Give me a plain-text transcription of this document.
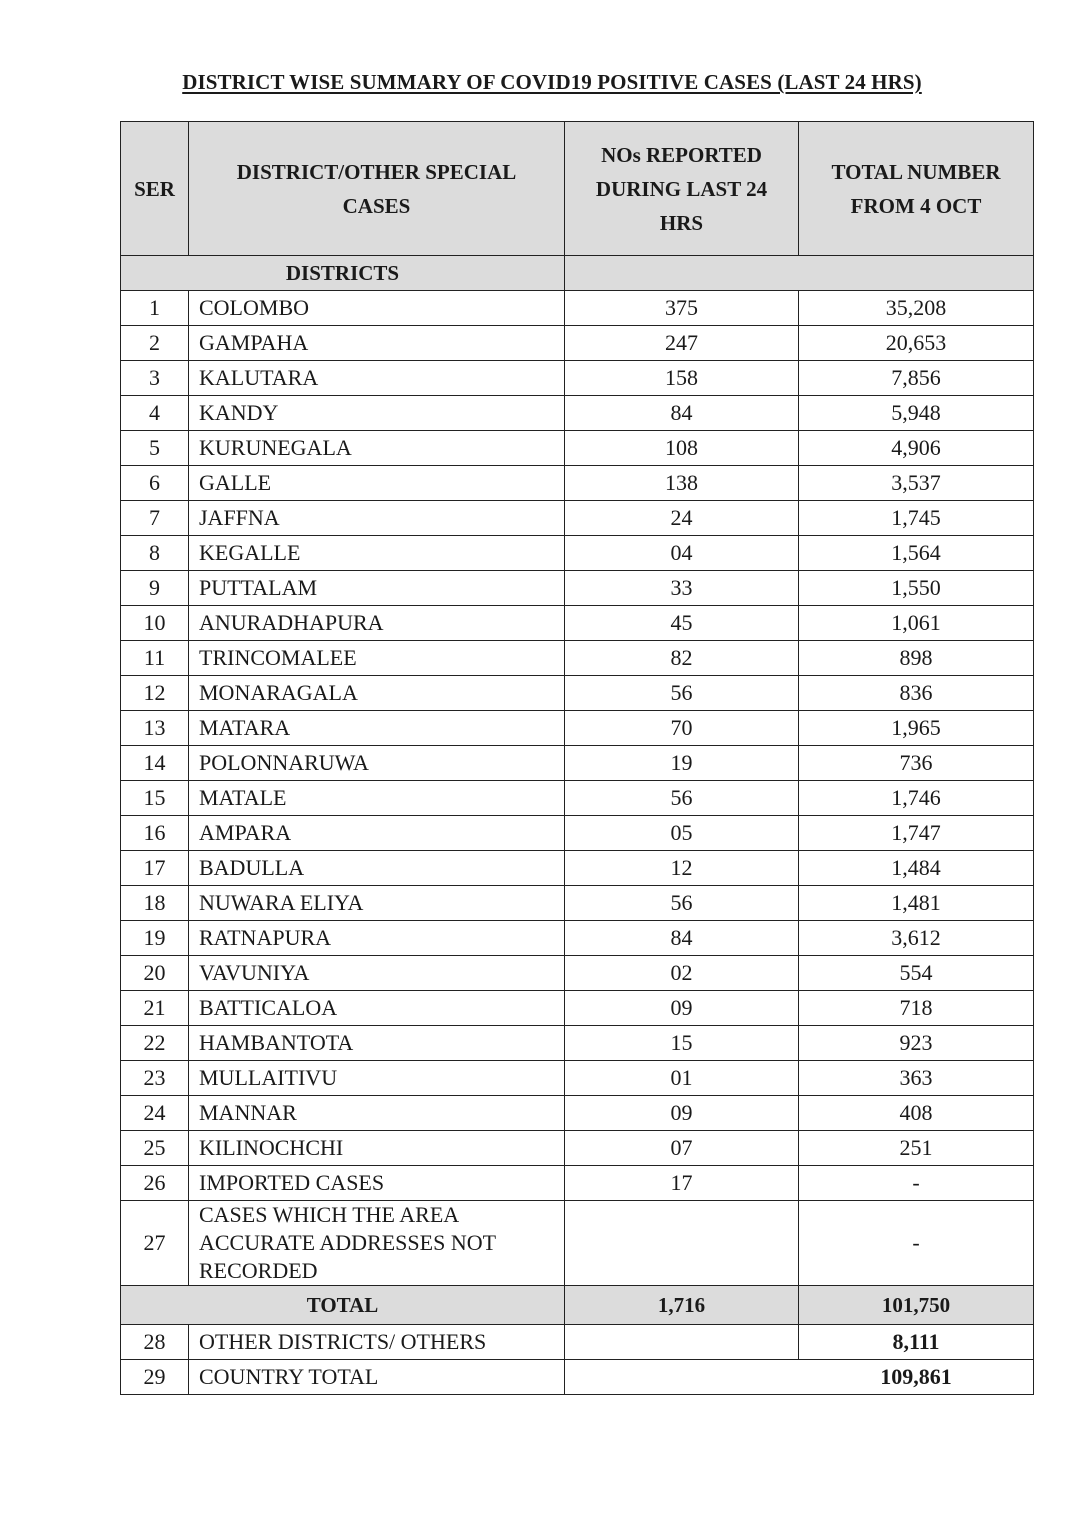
DISTRICT WISE SUMMARY OF COVID19 POSITIVE CASES (LAST 24 HRS)
SER	DISTRICT/OTHER SPECIAL CASES	NOs REPORTED DURING LAST 24 HRS	TOTAL NUMBER FROM 4 OCT
DISTRICTS			
1	COLOMBO	375	35,208
2	GAMPAHA	247	20,653
3	KALUTARA	158	7,856
4	KANDY	84	5,948
5	KURUNEGALA	108	4,906
6	GALLE	138	3,537
7	JAFFNA	24	1,745
8	KEGALLE	04	1,564
9	PUTTALAM	33	1,550
10	ANURADHAPURA	45	1,061
11	TRINCOMALEE	82	898
12	MONARAGALA	56	836
13	MATARA	70	1,965
14	POLONNARUWA	19	736
15	MATALE	56	1,746
16	AMPARA	05	1,747
17	BADULLA	12	1,484
18	NUWARA ELIYA	56	1,481
19	RATNAPURA	84	3,612
20	VAVUNIYA	02	554
21	BATTICALOA	09	718
22	HAMBANTOTA	15	923
23	MULLAITIVU	01	363
24	MANNAR	09	408
25	KILINOCHCHI	07	251
26	IMPORTED CASES	17	-
27	CASES WHICH THE AREA ACCURATE ADDRESSES NOT RECORDED		-
TOTAL		1,716	101,750
28	OTHER DISTRICTS/ OTHERS		8,111
29	COUNTRY TOTAL	109,861	
